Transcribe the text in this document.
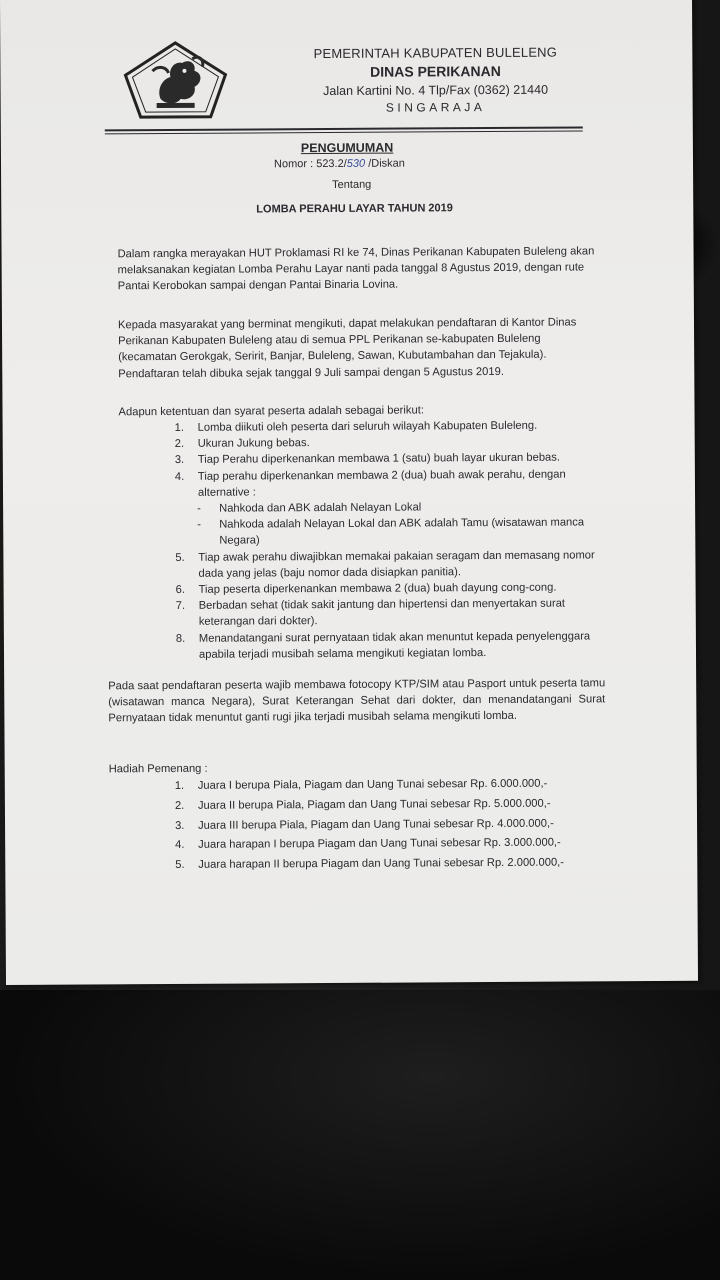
PEMERINTAH KABUPATEN BULELENG
DINAS PERIKANAN
Jalan Kartini No. 4 Tlp/Fax (0362) 21440
SINGARAJA
PENGUMUMAN
Nomor : 523.2/530 /Diskan
Tentang
LOMBA PERAHU LAYAR TAHUN 2019
Dalam rangka merayakan HUT Proklamasi RI ke 74, Dinas Perikanan Kabupaten Buleleng akan melaksanakan kegiatan Lomba Perahu Layar nanti pada tanggal 8 Agustus 2019, dengan rute Pantai Kerobokan sampai dengan Pantai Binaria Lovina.
Kepada masyarakat yang berminat mengikuti, dapat melakukan pendaftaran di Kantor Dinas Perikanan Kabupaten Buleleng atau di semua PPL Perikanan se-kabupaten Buleleng (kecamatan Gerokgak, Seririt, Banjar, Buleleng, Sawan, Kubutambahan dan Tejakula). Pendaftaran telah dibuka sejak tanggal 9 Juli sampai dengan 5 Agustus 2019.
Adapun ketentuan dan syarat peserta adalah sebagai berikut:
1. Lomba diikuti oleh peserta dari seluruh wilayah Kabupaten Buleleng.
2. Ukuran Jukung bebas.
3. Tiap Perahu diperkenankan membawa 1 (satu) buah layar ukuran bebas.
4. Tiap perahu diperkenankan membawa 2 (dua) buah awak perahu, dengan alternative :
- Nahkoda dan ABK adalah Nelayan Lokal
- Nahkoda adalah Nelayan Lokal dan ABK adalah Tamu (wisatawan manca Negara)
5. Tiap awak perahu diwajibkan memakai pakaian seragam dan memasang nomor dada yang jelas (baju nomor dada disiapkan panitia).
6. Tiap peserta diperkenankan membawa 2 (dua) buah dayung cong-cong.
7. Berbadan sehat (tidak sakit jantung dan hipertensi dan menyertakan surat keterangan dari dokter).
8. Menandatangani surat pernyataan tidak akan menuntut kepada penyelenggara apabila terjadi musibah selama mengikuti kegiatan lomba.
Pada saat pendaftaran peserta wajib membawa fotocopy KTP/SIM atau Pasport untuk peserta tamu (wisatawan manca Negara), Surat Keterangan Sehat dari dokter, dan menandatangani Surat Pernyataan tidak menuntut ganti rugi jika terjadi musibah selama mengikuti lomba.
Hadiah Pemenang :
1. Juara I berupa Piala, Piagam dan Uang Tunai sebesar Rp. 6.000.000,-
2. Juara II berupa Piala, Piagam dan Uang Tunai sebesar Rp. 5.000.000,-
3. Juara III berupa Piala, Piagam dan Uang Tunai sebesar Rp. 4.000.000,-
4. Juara harapan I berupa Piagam dan Uang Tunai sebesar Rp. 3.000.000,-
5. Juara harapan II berupa Piagam dan Uang Tunai sebesar Rp. 2.000.000,-
